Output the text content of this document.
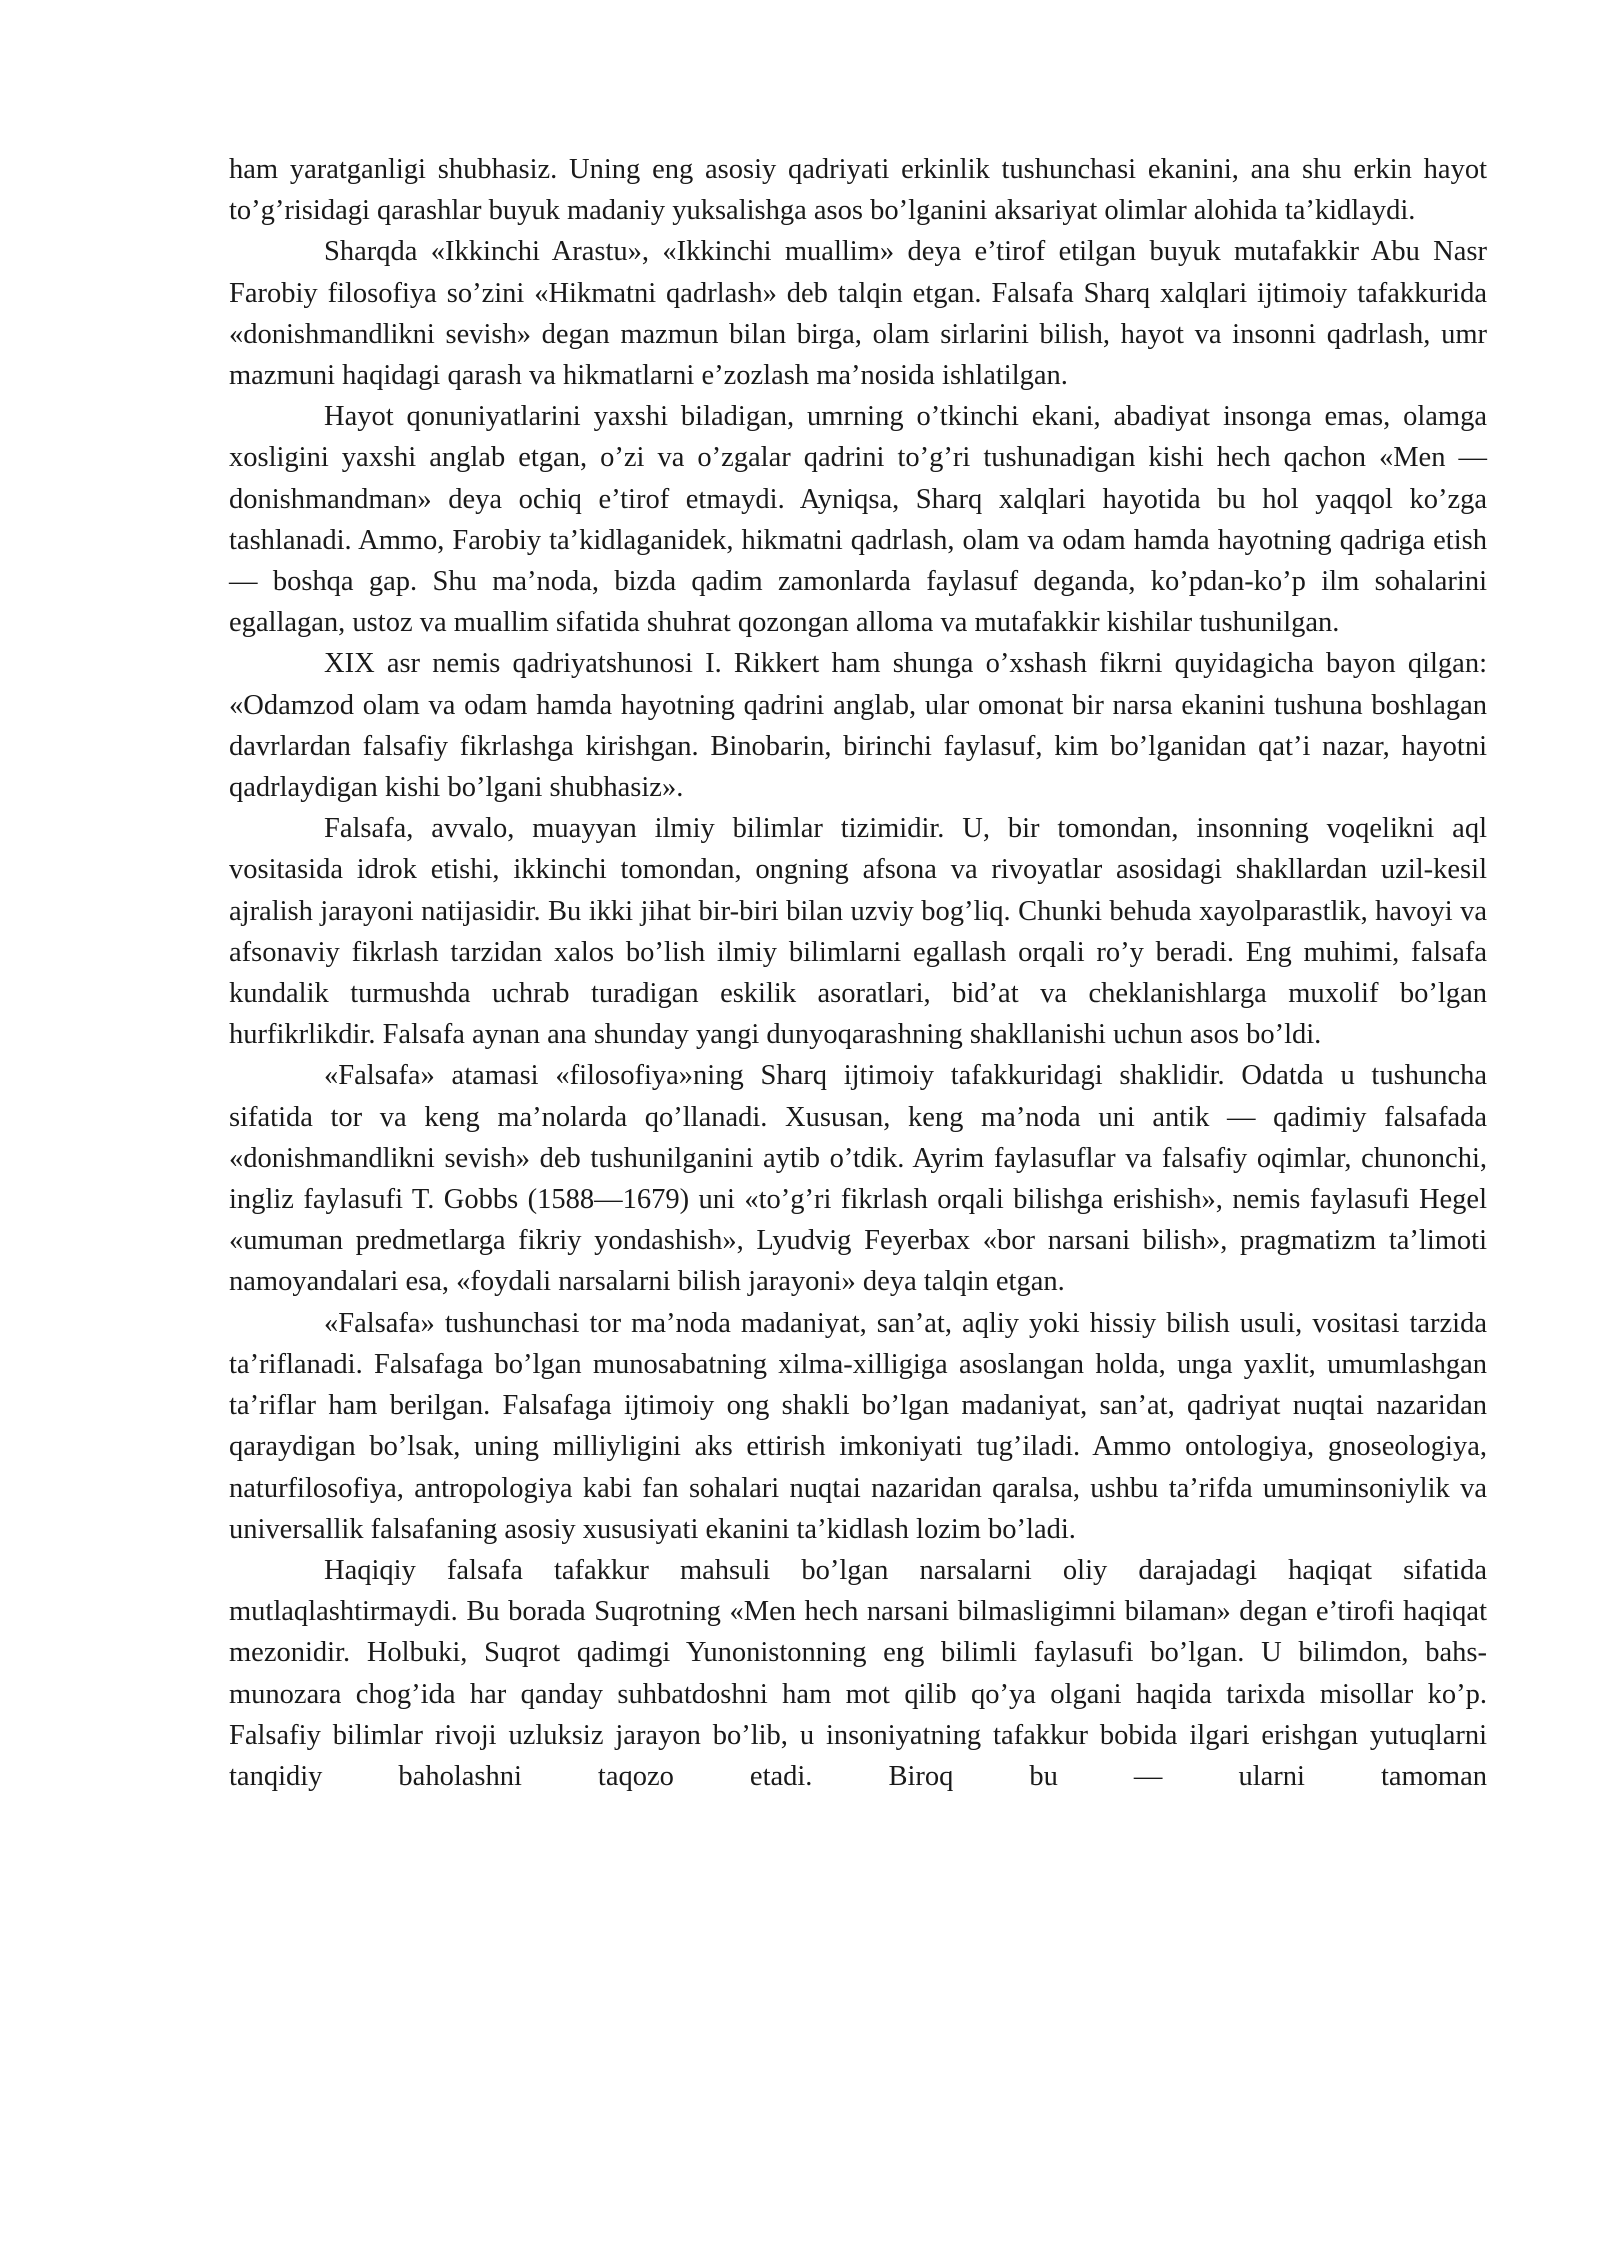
ham yaratganligi shubhasiz. Uning eng asosiy qadriyati erkinlik tushunchasi ekanini, ana shu erkin hayot to’g’risidagi qarashlar buyuk madaniy yuksalishga asos bo’lganini aksariyat olimlar alohida ta’kidlaydi.

Sharqda «Ikkinchi Arastu», «Ikkinchi muallim» deya e’tirof etilgan buyuk mutafakkir Abu Nasr Farobiy filosofiya so’zini «Hikmatni qadrlash» deb talqin etgan. Falsafa Sharq xalqlari ijtimoiy tafakkurida «donishmandlikni sevish» degan mazmun bilan birga, olam sirlarini bilish, hayot va insonni qadrlash, umr mazmuni haqidagi qarash va hikmatlarni e’zozlash ma’nosida ishlatilgan.

Hayot qonuniyatlarini yaxshi biladigan, umrning o’tkinchi ekani, abadiyat insonga emas, olamga xosligini yaxshi anglab etgan, o’zi va o’zgalar qadrini to’g’ri tushunadigan kishi hech qachon «Men — donishmandman» deya ochiq e’tirof etmaydi. Ayniqsa, Sharq xalqlari hayotida bu hol yaqqol ko’zga tashlanadi. Ammo, Farobiy ta’kidlaganidek, hikmatni qadrlash, olam va odam hamda hayotning qadriga etish — boshqa gap. Shu ma’noda, bizda qadim zamonlarda faylasuf deganda, ko’pdan-ko’p ilm sohalarini egallagan, ustoz va muallim sifatida shuhrat qozongan alloma va mutafakkir kishilar tushunilgan.

XIX asr nemis qadriyatshunosi I. Rikkert ham shunga o’xshash fikrni quyidagicha bayon qilgan: «Odamzod olam va odam hamda hayotning qadrini anglab, ular omonat bir narsa ekanini tushuna boshlagan davrlardan falsafiy fikrlashga kirishgan. Binobarin, birinchi faylasuf, kim bo’lganidan qat’i nazar, hayotni qadrlaydigan kishi bo’lgani shubhasiz».

Falsafa, avvalo, muayyan ilmiy bilimlar tizimidir. U, bir tomondan, insonning voqelikni aql vositasida idrok etishi, ikkinchi tomondan, ongning afsona va rivoyatlar asosidagi shakllardan uzil-kesil ajralish jarayoni natijasidir. Bu ikki jihat bir-biri bilan uzviy bog’liq. Chunki behuda xayolparastlik, havoyi va afsonaviy fikrlash tarzidan xalos bo’lish ilmiy bilimlarni egallash orqali ro’y beradi. Eng muhimi, falsafa kundalik turmushda uchrab turadigan eskilik asoratlari, bid’at va cheklanishlarga muxolif bo’lgan hurfikrlikdir. Falsafa aynan ana shunday yangi dunyoqarashning shakllanishi uchun asos bo’ldi.

«Falsafa» atamasi «filosofiya»ning Sharq ijtimoiy tafakkuridagi shaklidir. Odatda u tushuncha sifatida tor va keng ma’nolarda qo’llanadi. Xususan, keng ma’noda uni antik — qadimiy falsafada «donishmandlikni sevish» deb tushunilganini aytib o’tdik. Ayrim faylasuflar va falsafiy oqimlar, chunonchi, ingliz faylasufi T. Gobbs (1588—1679) uni «to’g’ri fikrlash orqali bilishga erishish», nemis faylasufi Hegel «umuman predmetlarga fikriy yondashish», Lyudvig Feyerbax «bor narsani bilish», pragmatizm ta’limoti namoyandalari esa, «foydali narsalarni bilish jarayoni» deya talqin etgan.

«Falsafa» tushunchasi tor ma’noda madaniyat, san’at, aqliy yoki hissiy bilish usuli, vositasi tarzida ta’riflanadi. Falsafaga bo’lgan munosabatning xilma-xilligiga asoslangan holda, unga yaxlit, umumlashgan ta’riflar ham berilgan. Falsafaga ijtimoiy ong shakli bo’lgan madaniyat, san’at, qadriyat nuqtai nazaridan qaraydigan bo’lsak, uning milliyligini aks ettirish imkoniyati tug’iladi. Ammo ontologiya, gnoseologiya, naturfilosofiya, antropologiya kabi fan sohalari nuqtai nazaridan qaralsa, ushbu ta’rifda umuminsoniylik va universallik falsafaning asosiy xususiyati ekanini ta’kidlash lozim bo’ladi.

Haqiqiy falsafa tafakkur mahsuli bo’lgan narsalarni oliy darajadagi haqiqat sifatida mutlaqlashtirmaydi. Bu borada Suqrotning «Men hech narsani bilmasligimni bilaman» degan e’tirofi haqiqat mezonidir. Holbuki, Suqrot qadimgi Yunonistonning eng bilimli faylasufi bo’lgan. U bilimdon, bahs-munozara chog’ida har qanday suhbatdoshni ham mot qilib qo’ya olgani haqida tarixda misollar ko’p. Falsafiy bilimlar rivoji uzluksiz jarayon bo’lib, u insoniyatning tafakkur bobida ilgari erishgan yutuqlarni tanqidiy baholashni taqozo etadi. Biroq bu — ularni tamoman
